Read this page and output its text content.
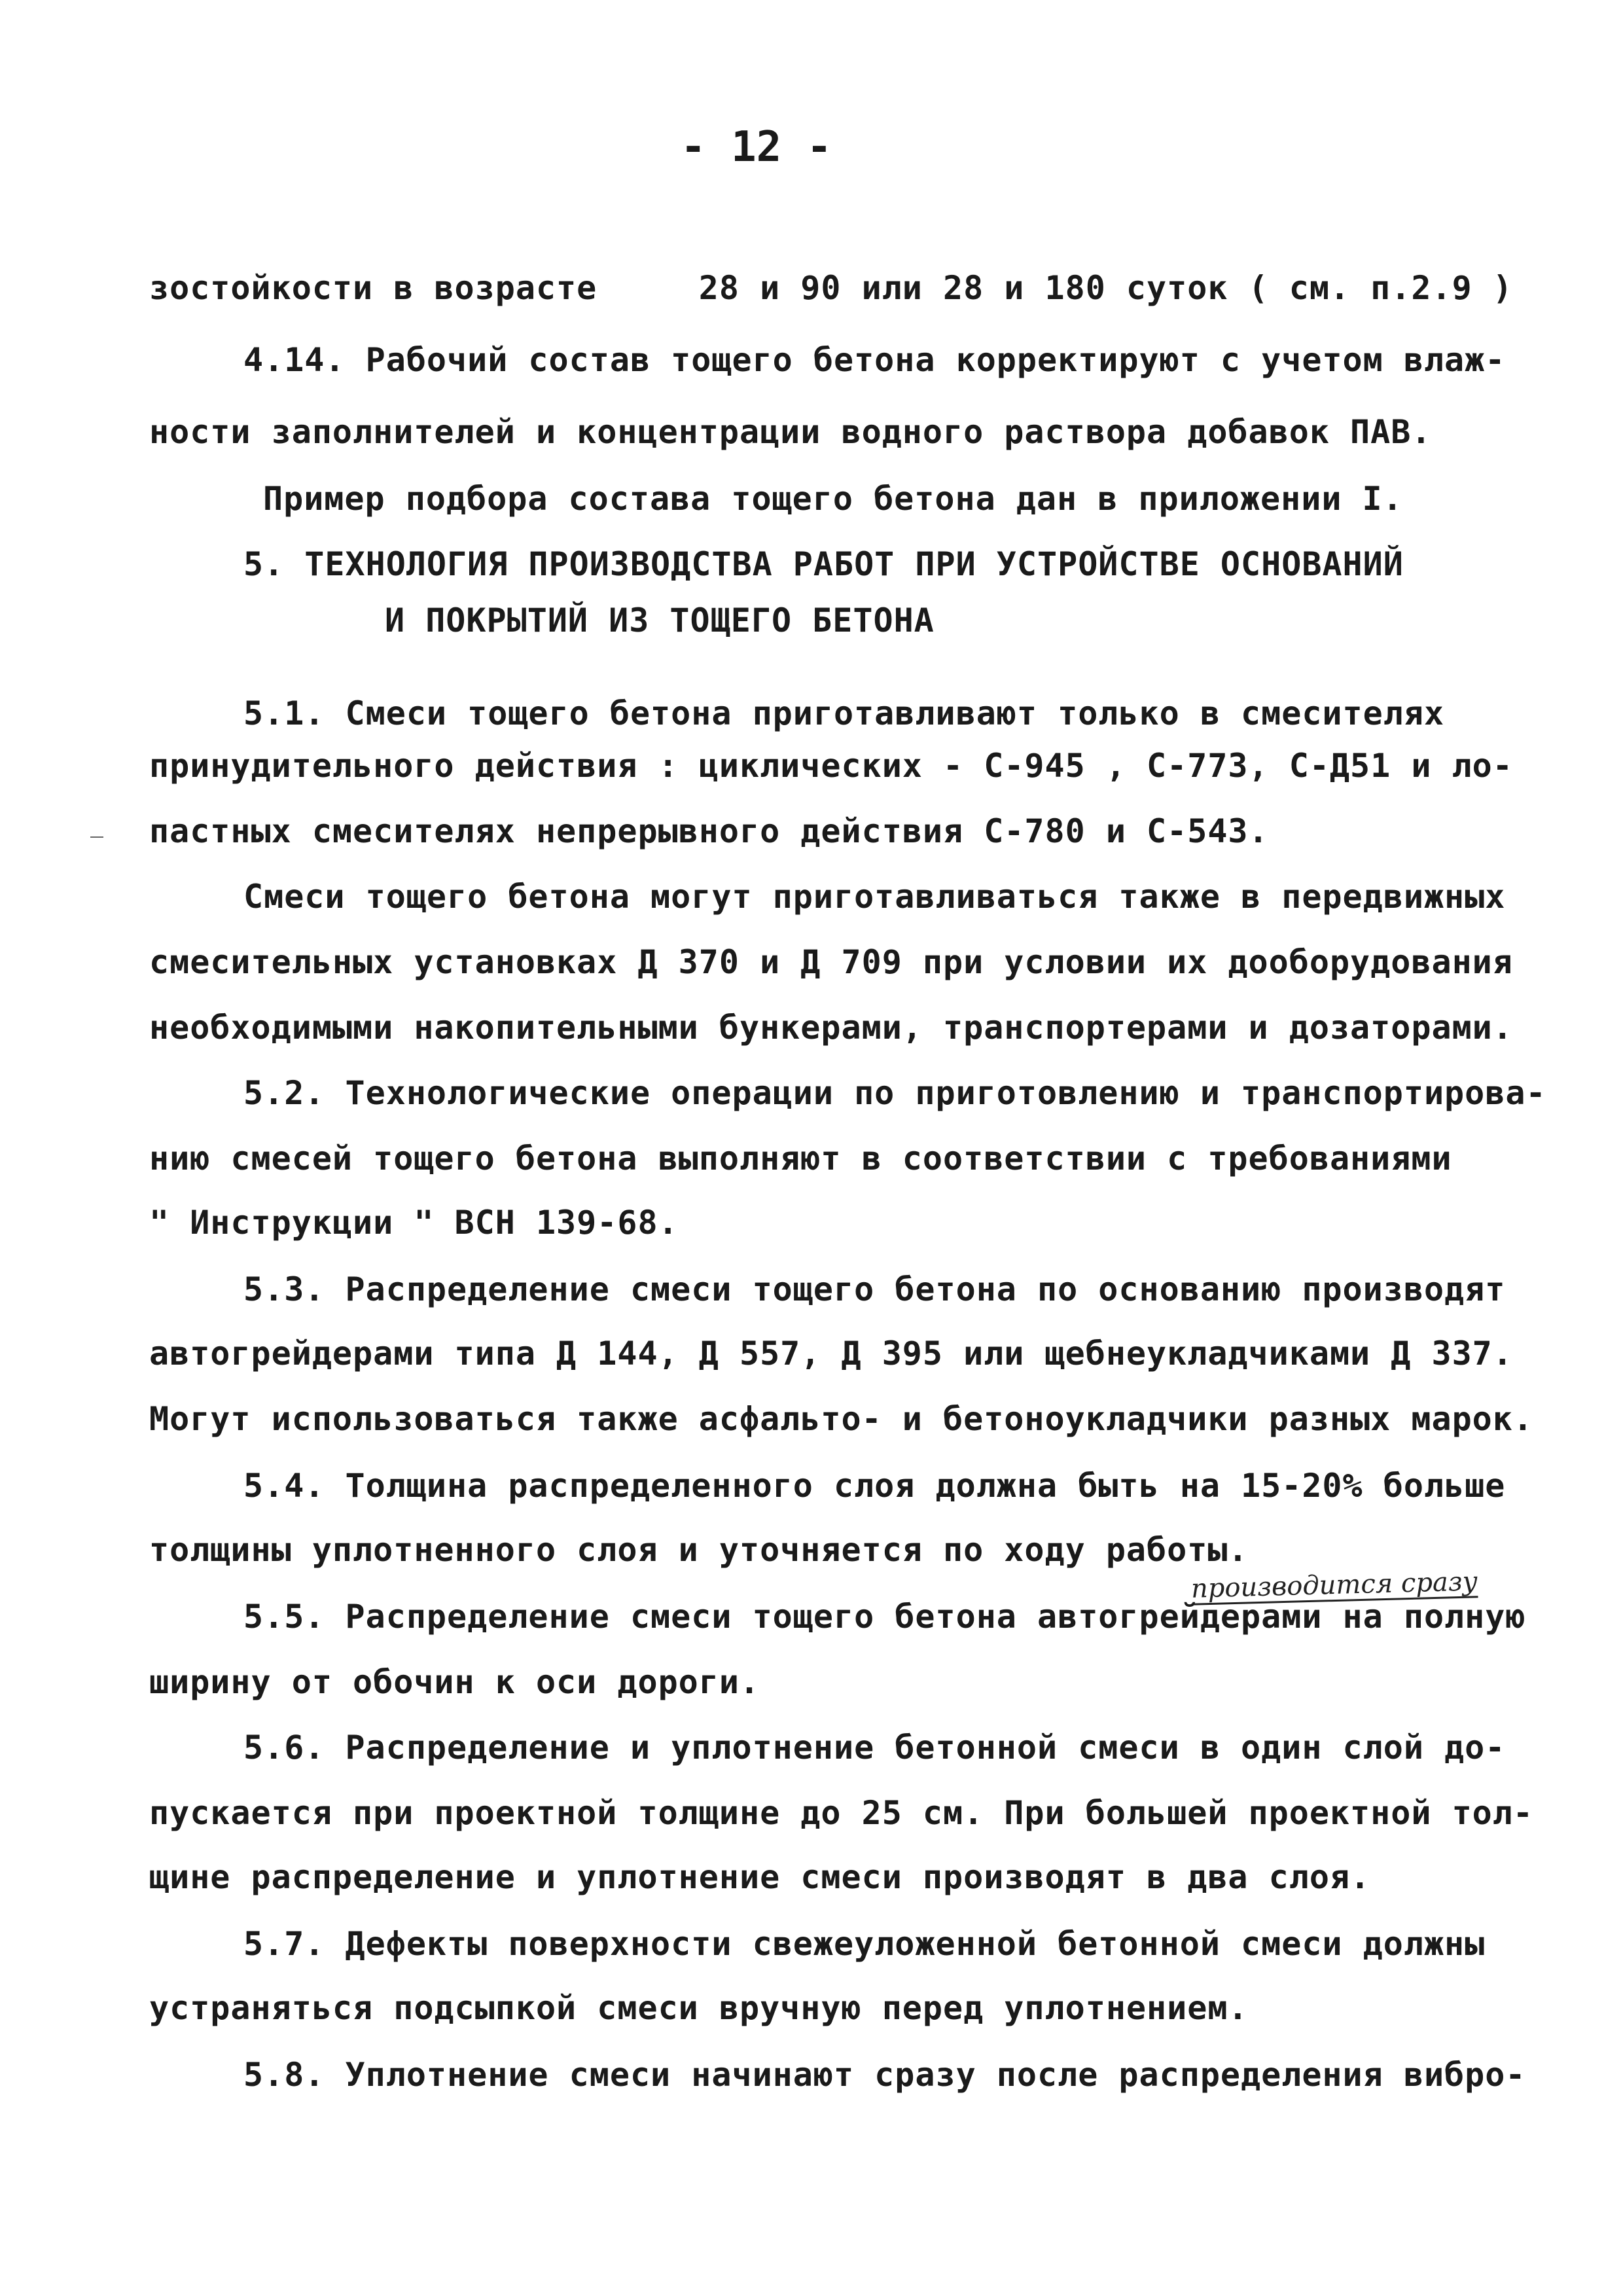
- 12 -
зостойкости в возрасте     28 и 90 или 28 и 180 суток ( см. п.2.9 )
4.14. Рабочий состав тощего бетона корректируют с учетом влаж-
ности заполнителей и концентрации водного раствора добавок ПАВ.
Пример подбора состава тощего бетона дан в приложении I.
5. ТЕХНОЛОГИЯ ПРОИЗВОДСТВА РАБОТ ПРИ УСТРОЙСТВЕ ОСНОВАНИЙ
И ПОКРЫТИЙ ИЗ ТОЩЕГО БЕТОНА
5.1. Смеси тощего бетона приготавливают только в смесителях
принудительного действия : циклических - С-945 , С-773, С-Д51 и ло-
пастных смесителях непрерывного действия С-780 и С-543.
Смеси тощего бетона могут приготавливаться также в передвижных
смесительных установках Д 370 и Д 709 при условии их дооборудования
необходимыми накопительными бункерами, транспортерами и дозаторами.
5.2. Технологические операции по приготовлению и транспортирова-
нию смесей тощего бетона выполняют в соответствии с требованиями
" Инструкции " ВСН 139-68.
5.3. Распределение смеси тощего бетона по основанию производят
автогрейдерами типа Д 144, Д 557, Д 395 или щебнеукладчиками Д 337.
Могут использоваться также асфальто- и бетоноукладчики разных марок.
5.4. Толщина распределенного слоя должна быть на 15-20% больше
толщины уплотненного слоя и уточняется по ходу работы.
производится сразу
5.5. Распределение смеси тощего бетона автогрейдерами на полную
ширину от обочин к оси дороги.
5.6. Распределение и уплотнение бетонной смеси в один слой до-
пускается при проектной толщине до 25 см. При большей проектной тол-
щине распределение и уплотнение смеси производят в два слоя.
5.7. Дефекты поверхности свежеуложенной бетонной смеси должны
устраняться подсыпкой смеси вручную перед уплотнением.
5.8. Уплотнение смеси начинают сразу после распределения вибро-
